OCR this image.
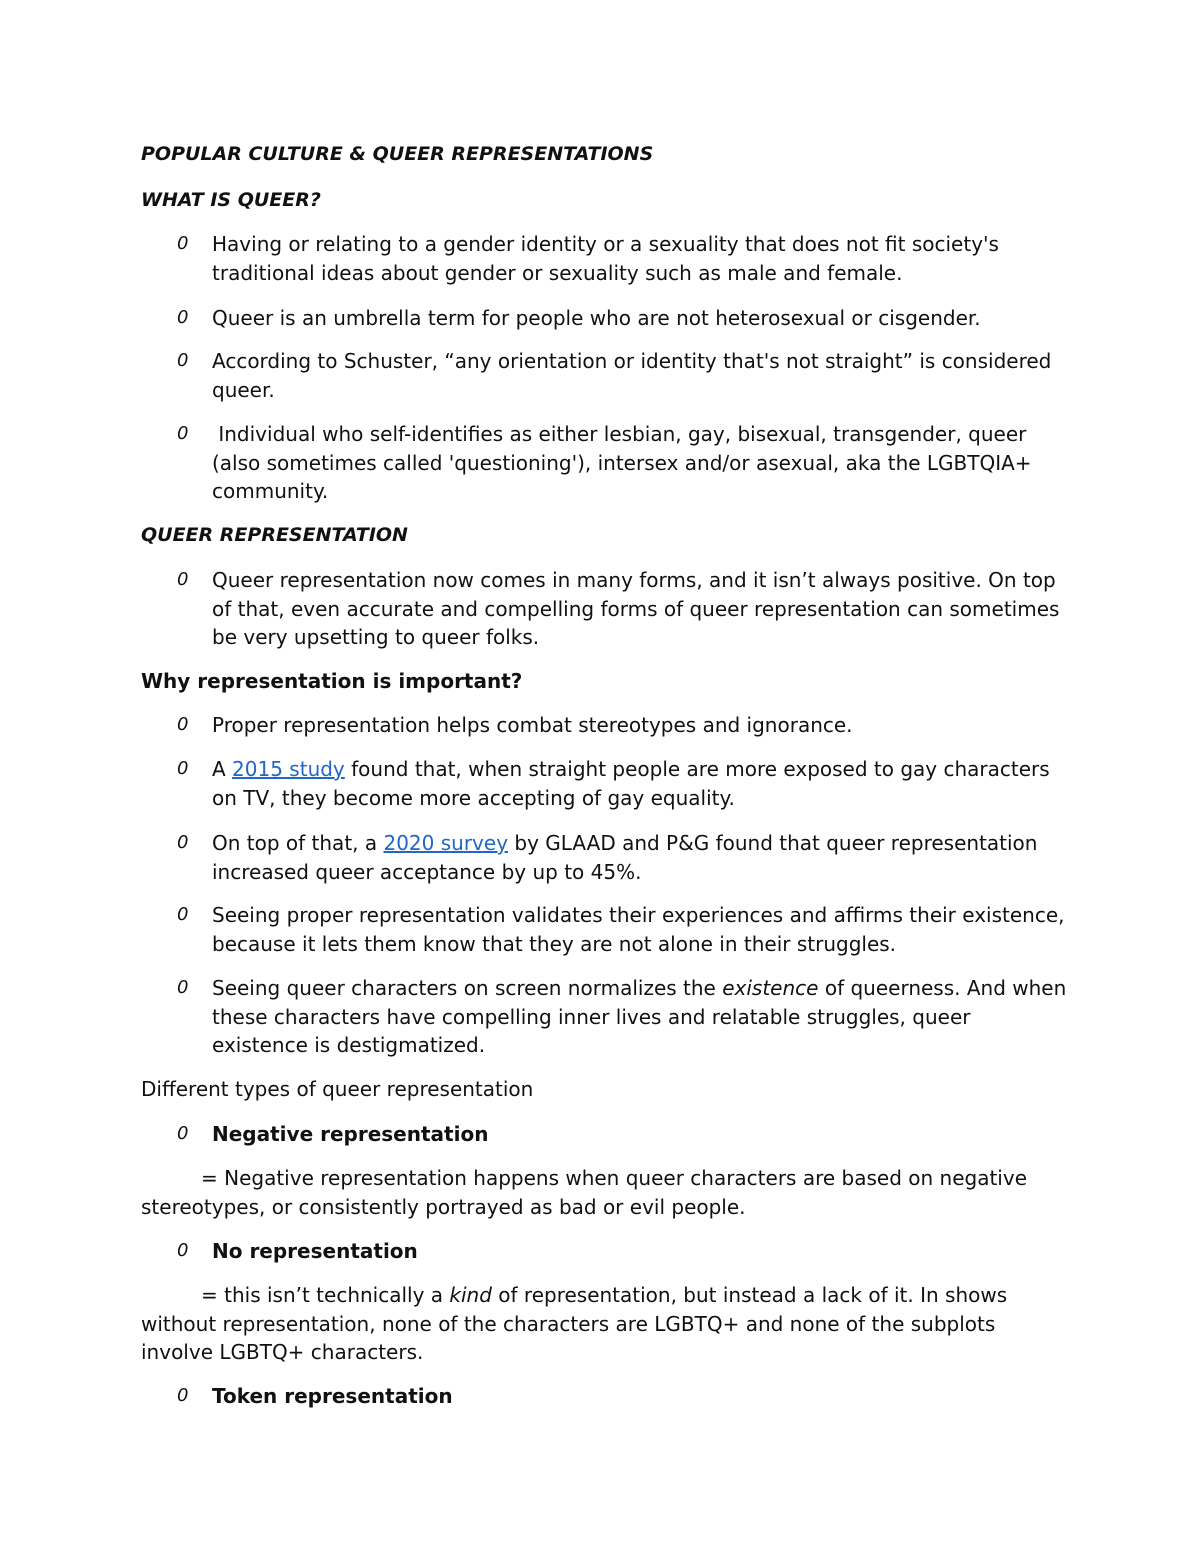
POPULAR CULTURE & QUEER REPRESENTATIONS
WHAT IS QUEER?
0 Having or relating to a gender identity or a sexuality that does not fit society's traditional ideas about gender or sexuality such as male and female.
0 Queer is an umbrella term for people who are not heterosexual or cisgender.
0 According to Schuster, “any orientation or identity that's not straight” is considered queer.
0 Individual who self-identifies as either lesbian, gay, bisexual, transgender, queer (also sometimes called 'questioning'), intersex and/or asexual, aka the LGBTQIA+ community.
QUEER REPRESENTATION
0 Queer representation now comes in many forms, and it isn’t always positive. On top of that, even accurate and compelling forms of queer representation can sometimes be very upsetting to queer folks.
Why representation is important?
0 Proper representation helps combat stereotypes and ignorance.
0 A 2015 study found that, when straight people are more exposed to gay characters on TV, they become more accepting of gay equality.
0 On top of that, a 2020 survey by GLAAD and P&G found that queer representation increased queer acceptance by up to 45%.
0 Seeing proper representation validates their experiences and affirms their existence, because it lets them know that they are not alone in their struggles.
0 Seeing queer characters on screen normalizes the existence of queerness. And when these characters have compelling inner lives and relatable struggles, queer existence is destigmatized.
Different types of queer representation
0 Negative representation
= Negative representation happens when queer characters are based on negative stereotypes, or consistently portrayed as bad or evil people.
0 No representation
= this isn’t technically a kind of representation, but instead a lack of it. In shows without representation, none of the characters are LGBTQ+ and none of the subplots involve LGBTQ+ characters.
0 Token representation
